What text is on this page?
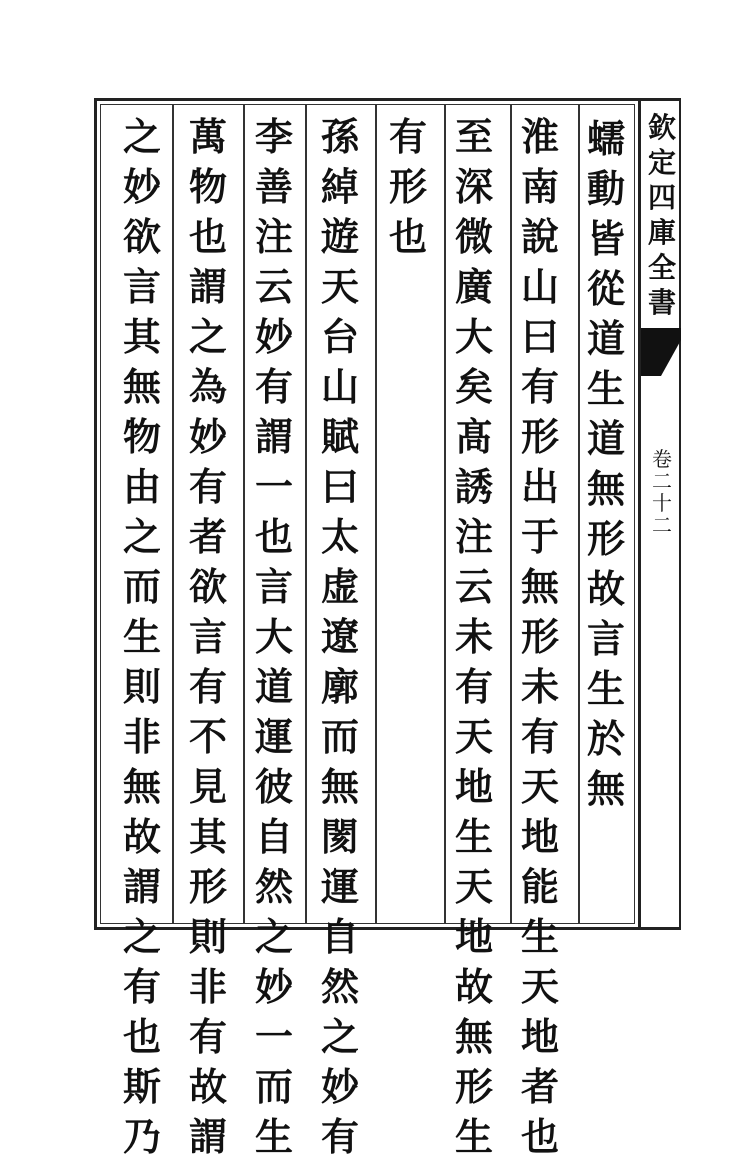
蠕
動
皆
從
道
生
道
無
形
故
言
生
於
無
淮
南
說
山
曰
有
形
出
于
無
形
未
有
天
地
能
生
天
地
者
也
至
深
微
廣
大
矣
髙
誘
注
云
未
有
天
地
生
天
地
故
無
形
生
有
形
也
孫
綽
遊
天
台
山
賦
曰
太
虚
遼
廓
而
無
閡
運
自
然
之
妙
有
李
善
注
云
妙
有
謂
一
也
言
大
道
運
彼
自
然
之
妙
一
而
生
萬
物
也
謂
之
為
妙
有
者
欲
言
有
不
見
其
形
則
非
有
故
謂
之
妙
欲
言
其
無
物
由
之
而
生
則
非
無
故
謂
之
有
也
斯
乃
欽
定
四
庫
全
書
卷
二
十
二
